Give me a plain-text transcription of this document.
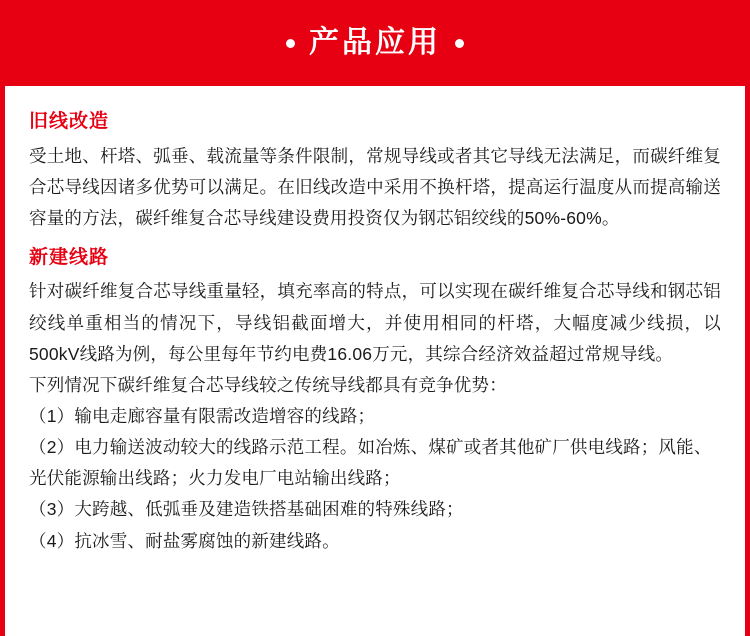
产品应用
旧线改造

受土地、杆塔、弧垂、载流量等条件限制，常规导线或者其它导线无法满足，而碳纤维复合芯导线因诸多优势可以满足。在旧线改造中采用不换杆塔，提高运行温度从而提高输送容量的方法，碳纤维复合芯导线建设费用投资仅为钢芯铝绞线的50%-60%。

新建线路

针对碳纤维复合芯导线重量轻，填充率高的特点，可以实现在碳纤维复合芯导线和钢芯铝绞线单重相当的情况下，导线铝截面增大，并使用相同的杆塔，大幅度减少线损，以500kV线路为例，每公里每年节约电费16.06万元，其综合经济效益超过常规导线。

下列情况下碳纤维复合芯导线较之传统导线都具有竞争优势：

（1）输电走廊容量有限需改造增容的线路；
（2）电力输送波动较大的线路示范工程。如冶炼、煤矿或者其他矿厂供电线路；风能、光伏能源输出线路；火力发电厂电站输出线路；
（3）大跨越、低弧垂及建造铁搭基础困难的特殊线路；
（4）抗冰雪、耐盐雾腐蚀的新建线路。
